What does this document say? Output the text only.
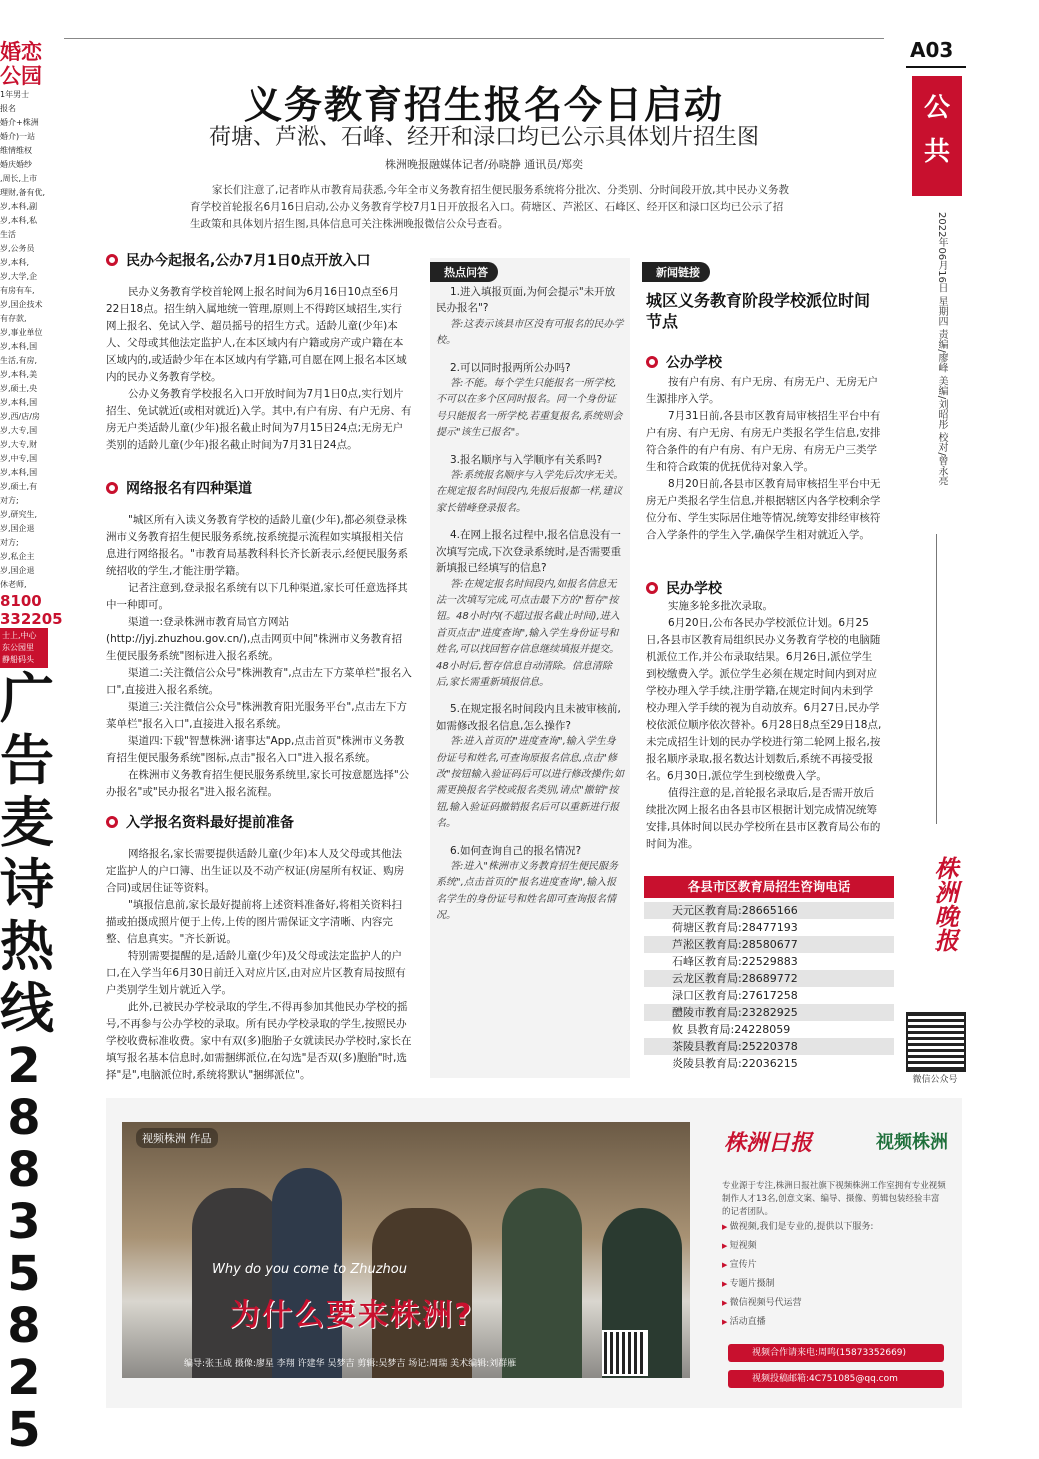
婚恋
公园
1年男士
报名
婚介+株洲
婚介)一站
维情维权
婚庆婚纱
,周长,上市
理财,备有优,
岁,本科,副
岁,本科,私
生活
岁,公务员
岁,本科,
岁,大学,企
有房有车,
岁,国企技术
有存款,
岁,事业单位
岁,本科,国
生活,有房,
岁,本科,美
岁,硕士,央
岁,本科,国
岁,西/店/房
岁,大专,国
岁,大专,财
岁,中专,国
岁,本科,国
岁,硕士,有
对方;
岁,研究生,
岁,国企退
对方;
岁,私企主
岁,国企退
休老师,
8100
332205
士上,中心
东公园里
静船码头
广
告
麦
诗
热
线
2
8
8
3
5
8
2
5
义务教育招生报名今日启动
荷塘、芦淞、石峰、经开和渌口均已公示具体划片招生图
株洲晚报融媒体记者/孙晓静 通讯员/郑奕
家长们注意了,记者昨从市教育局获悉,今年全市义务教育招生便民服务系统将分批次、分类别、分时间段开放,其中民办义务教育学校首轮报名6月16日启动,公办义务教育学校7月1日开放报名入口。荷塘区、芦淞区、石峰区、经开区和渌口区均已公示了招生政策和具体划片招生图,具体信息可关注株洲晚报微信公众号查看。
民办今起报名,公办7月1日0点开放入口

民办义务教育学校首轮网上报名时间为6月16日10点至6月22日18点。招生纳入属地统一管理,原则上不得跨区域招生,实行网上报名、免试入学、超员摇号的招生方式。适龄儿童(少年)本人、父母或其他法定监护人,在本区域内有户籍或房产或户籍在本区域内的,或适龄少年在本区域内有学籍,可自愿在网上报名本区域内的民办义务教育学校。

公办义务教育学校报名入口开放时间为7月1日0点,实行划片招生、免试就近(或相对就近)入学。其中,有户有房、有户无房、有房无户类适龄儿童(少年)报名截止时间为7月15日24点;无房无户类别的适龄儿童(少年)报名截止时间为7月31日24点。

网络报名有四种渠道

"城区所有入读义务教育学校的适龄儿童(少年),都必须登录株洲市义务教育招生便民服务系统,按系统提示流程如实填报相关信息进行网络报名。"市教育局基教科科长齐长新表示,经便民服务系统招收的学生,才能注册学籍。

记者注意到,登录报名系统有以下几种渠道,家长可任意选择其中一种即可。

渠道一:登录株洲市教育局官方网站(http://jyj.zhuzhou.gov.cn/),点击网页中间"株洲市义务教育招生便民服务系统"图标进入报名系统。

渠道二:关注微信公众号"株洲教育",点击左下方菜单栏"报名入口",直接进入报名系统。

渠道三:关注微信公众号"株洲教育阳光服务平台",点击左下方菜单栏"报名入口",直接进入报名系统。

渠道四:下载"智慧株洲·诸事达"App,点击首页"株洲市义务教育招生便民服务系统"图标,点击"报名入口"进入报名系统。

在株洲市义务教育招生便民服务系统里,家长可按意愿选择"公办报名"或"民办报名"进入报名流程。

入学报名资料最好提前准备

网络报名,家长需要提供适龄儿童(少年)本人及父母或其他法定监护人的户口簿、出生证以及不动产权证(房屋所有权证、购房合同)或居住证等资料。

"填报信息前,家长最好提前将上述资料准备好,将相关资料扫描或拍摄成照片便于上传,上传的图片需保证文字清晰、内容完整、信息真实。"齐长新说。

特别需要提醒的是,适龄儿童(少年)及父母或法定监护人的户口,在入学当年6月30日前迁入对应片区,由对应片区教育局按照有户类别学生划片就近入学。

此外,已被民办学校录取的学生,不得再参加其他民办学校的摇号,不再参与公办学校的录取。所有民办学校录取的学生,按照民办学校收费标准收费。家中有双(多)胞胎子女就读民办学校时,家长在填写报名基本信息时,如需捆绑派位,在勾选"是否双(多)胞胎"时,选择"是",电脑派位时,系统将默认"捆绑派位"。

热点问答

1.进入填报页面,为何会提示"未开放民办报名"?

答:这表示该县市区没有可报名的民办学校。

2.可以同时报两所公办吗?

答:不能。每个学生只能报名一所学校,不可以在多个区同时报名。同一个身份证号只能报名一所学校,若重复报名,系统则会提示"该生已报名"。

3.报名顺序与入学顺序有关系吗?

答:系统报名顺序与入学先后次序无关。在规定报名时间段内,先报后报都一样,建议家长错峰登录报名。

4.在网上报名过程中,报名信息没有一次填写完成,下次登录系统时,是否需要重新填报已经填写的信息?

答:在规定报名时间段内,如报名信息无法一次填写完成,可点击最下方的"暂存"按钮。48小时内(不超过报名截止时间),进入首页点击"进度查询",输入学生身份证号和姓名,可以找回暂存信息继续填报并提交。48小时后,暂存信息自动清除。信息清除后,家长需重新填报信息。

5.在规定报名时间段内且未被审核前,如需修改报名信息,怎么操作?

答:进入首页的"进度查询",输入学生身份证号和姓名,可查询原报名信息,点击"修改"按钮输入验证码后可以进行修改操作;如需更换报名学校或报名类别,请点"撤销"按钮,输入验证码撤销报名后可以重新进行报名。

6.如何查询自己的报名情况?

答:进入"株洲市义务教育招生便民服务系统",点击首页的"报名进度查询",输入报名学生的身份证号和姓名即可查询报名情况。

新闻链接
城区义务教育阶段学校派位时间节点
公办学校

按有户有房、有户无房、有房无户、无房无户生源排序入学。

7月31日前,各县市区教育局审核招生平台中有户有房、有户无房、有房无户类报名学生信息,安排符合条件的有户有房、有户无房、有房无户三类学生和符合政策的优抚优待对象入学。

8月20日前,各县市区教育局审核招生平台中无房无户类报名学生信息,并根据辖区内各学校剩余学位分布、学生实际居住地等情况,统筹安排经审核符合入学条件的学生入学,确保学生相对就近入学。

民办学校

实施多轮多批次录取。

6月20日,公布各民办学校派位计划。6月25日,各县市区教育局组织民办义务教育学校的电脑随机派位工作,并公布录取结果。6月26日,派位学生到校缴费入学。派位学生必须在规定时间内到对应学校办理入学手续,注册学籍,在规定时间内未到学校办理入学手续的视为自动放弃。6月27日,民办学校依派位顺序依次替补。6月28日8点至29日18点,未完成招生计划的民办学校进行第二轮网上报名,按报名顺序录取,报名数达计划数后,系统不再接受报名。6月30日,派位学生到校缴费入学。

值得注意的是,首轮报名录取后,是否需开放后续批次网上报名由各县市区根据计划完成情况统筹安排,具体时间以民办学校所在县市区教育局公布的时间为准。

各县市区教育局招生咨询电话
天元区教育局:28665166
荷塘区教育局:28477193
芦淞区教育局:28580677
石峰区教育局:22529883
云龙区教育局:28689772
渌口区教育局:27617258
醴陵市教育局:23282925
攸 县教育局:24228059
茶陵县教育局:25220378
炎陵县教育局:22036215
A03
公
共
2022年06月16日 星期四 责编/廖峰 美编/刘昭彤 校对/曾永亮
株洲晚报
微信公众号
视频株洲 作品
Why do you come to Zhuzhou
为什么要来株洲?
编导:张玉成 摄像:廖星 李翔 许建华 吴梦吉 剪辑:吴梦吉 场记:周瑞 美术编辑:刘群雁
株洲日报	视频株洲
专业源于专注,株洲日报社旗下视频株洲工作室拥有专业视频制作人才13名,创意文案、编导、摄像、剪辑包装经验丰富的记者团队。
▶ 做视频,我们是专业的,提供以下服务:
▶ 短视频
▶ 宣传片
▶ 专题片摄制
▶ 微信视频号代运营
▶ 活动直播
视频合作请来电:周鸣(15873352669)
视频投稿邮箱:4C751085@qq.com
